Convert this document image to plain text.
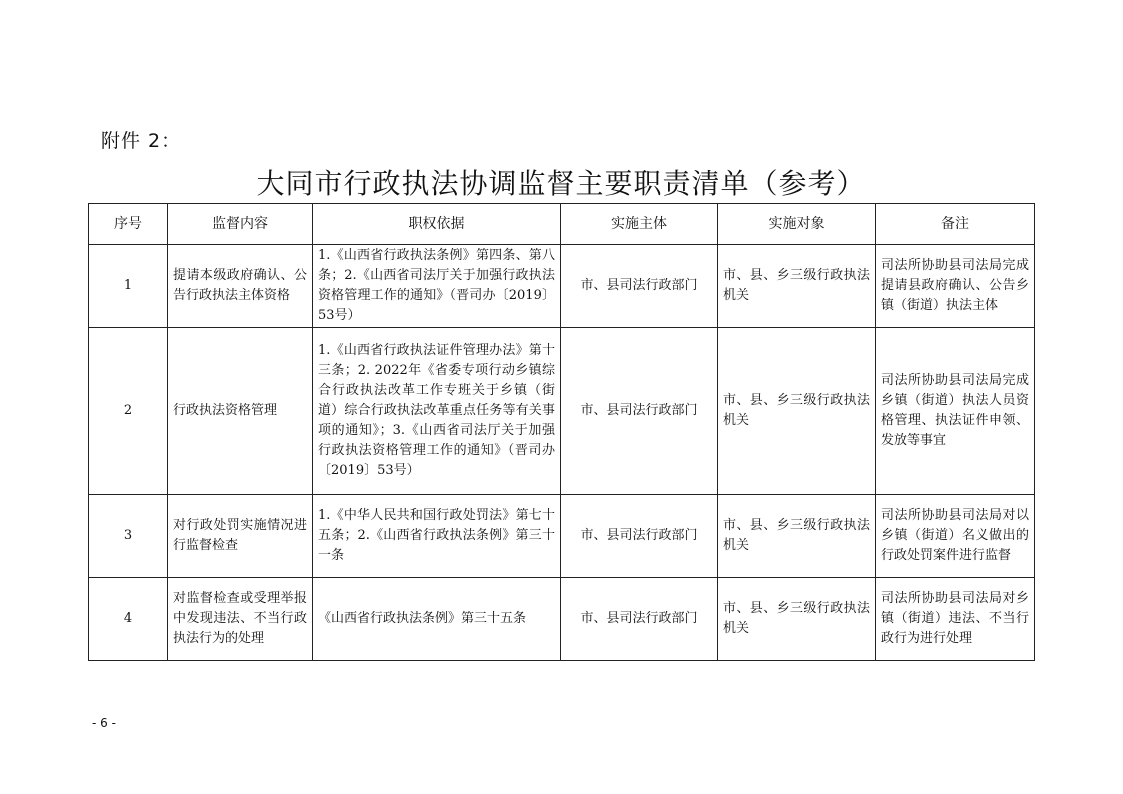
附件 2：
大同市行政执法协调监督主要职责清单（参考）
序号	监督内容	职权依据	实施主体	实施对象	备注
1	提请本级政府确认、公告行政执法主体资格	1.《山西省行政执法条例》第四条、第八条；2.《山西省司法厅关于加强行政执法资格管理工作的通知》（晋司办〔2019〕53号）	市、县司法行政部门	市、县、乡三级行政执法机关	司法所协助县司法局完成提请县政府确认、公告乡镇（街道）执法主体
2	行政执法资格管理	1.《山西省行政执法证件管理办法》第十三条；2. 2022年《省委专项行动乡镇综合行政执法改革工作专班关于乡镇（街道）综合行政执法改革重点任务等有关事项的通知》；3.《山西省司法厅关于加强行政执法资格管理工作的通知》（晋司办〔2019〕53号）	市、县司法行政部门	市、县、乡三级行政执法机关	司法所协助县司法局完成乡镇（街道）执法人员资格管理、执法证件申领、发放等事宜
3	对行政处罚实施情况进行监督检查	1.《中华人民共和国行政处罚法》第七十五条；2.《山西省行政执法条例》第三十一条	市、县司法行政部门	市、县、乡三级行政执法机关	司法所协助县司法局对以乡镇（街道）名义做出的行政处罚案件进行监督
4	对监督检查或受理举报中发现违法、不当行政执法行为的处理	《山西省行政执法条例》第三十五条	市、县司法行政部门	市、县、乡三级行政执法机关	司法所协助县司法局对乡镇（街道）违法、不当行政行为进行处理
- 6 -
